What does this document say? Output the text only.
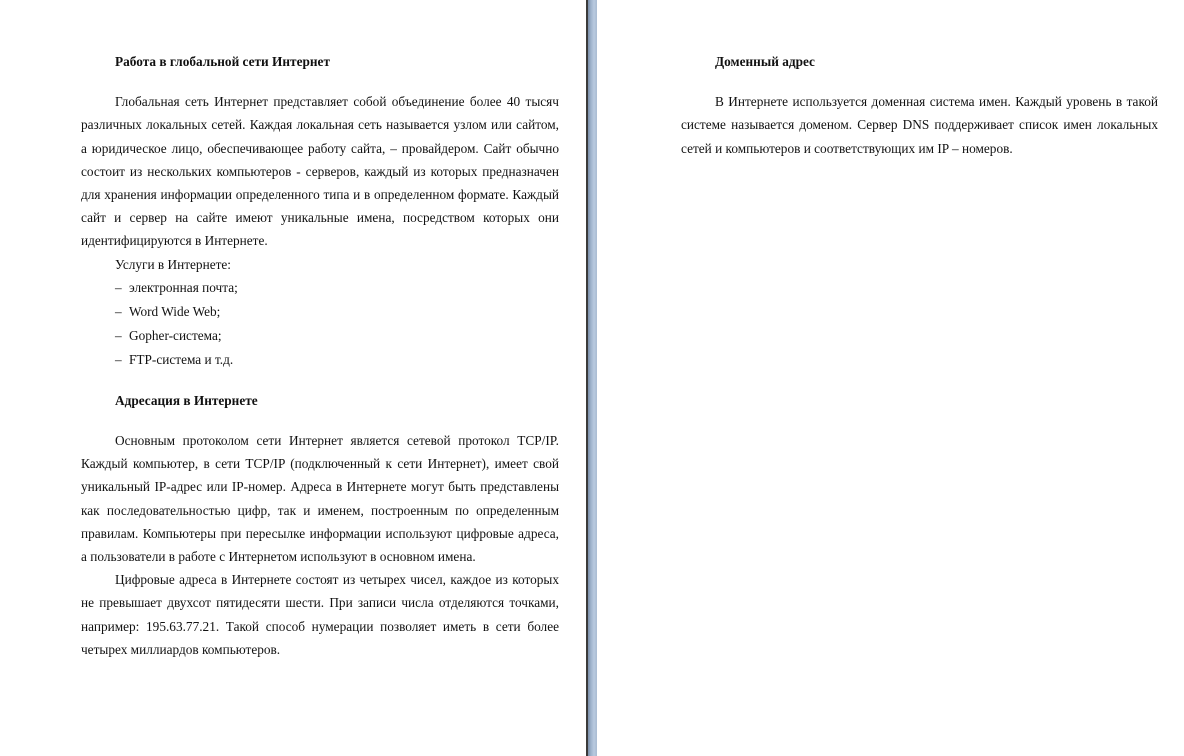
Работа в глобальной сети Интернет

Глобальная сеть Интернет представляет собой объединение более 40 тысяч различных локальных сетей. Каждая локальная сеть называется узлом или сайтом, а юридическое лицо, обеспечивающее работу сайта, – провайдером. Сайт обычно состоит из нескольких компьютеров - серверов, каждый из которых предназначен для хранения информации определенного типа и в определенном формате. Каждый сайт и сервер на сайте имеют уникальные имена, посредством которых они идентифицируются в Интернете.

Услуги в Интернете:

– электронная почта;
– Word Wide Web;
– Gopher-система;
– FTP-система и т.д.

Адресация в Интернете

Основным протоколом сети Интернет является сетевой протокол TCP/IP. Каждый компьютер, в сети TCP/IP (подключенный к сети Интернет), имеет свой уникальный IP-адрес или IP-номер. Адреса в Интернете могут быть представлены как последовательностью цифр, так и именем, построенным по определенным правилам. Компьютеры при пересылке информации используют цифровые адреса, а пользователи в работе с Интернетом используют в основном имена.

Цифровые адреса в Интернете состоят из четырех чисел, каждое из которых не превышает двухсот пятидесяти шести. При записи числа отделяются точками, например: 195.63.77.21. Такой способ нумерации позволяет иметь в сети более четырех миллиардов компьютеров.

Доменный адрес

В Интернете используется доменная система имен. Каждый уровень в такой системе называется доменом. Сервер DNS поддерживает список имен локальных сетей и компьютеров и соответствующих им IP – номеров.
